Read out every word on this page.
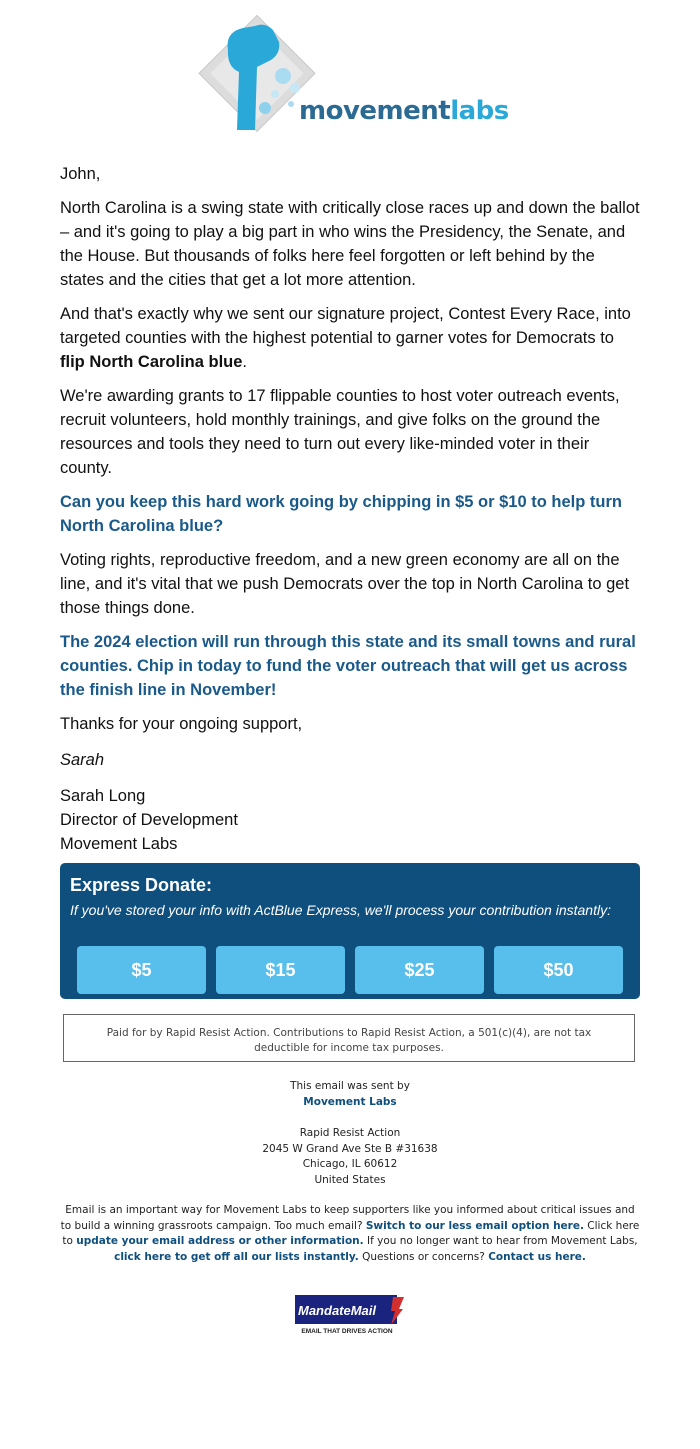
movementlabs

John,

North Carolina is a swing state with critically close races up and down the ballot – and it's going to play a big part in who wins the Presidency, the Senate, and the House. But thousands of folks here feel forgotten or left behind by the states and the cities that get a lot more attention.

And that's exactly why we sent our signature project, Contest Every Race, into targeted counties with the highest potential to garner votes for Democrats to flip North Carolina blue.

We're awarding grants to 17 flippable counties to host voter outreach events, recruit volunteers, hold monthly trainings, and give folks on the ground the resources and tools they need to turn out every like-minded voter in their county.

Can you keep this hard work going by chipping in $5 or $10 to help turn North Carolina blue?

Voting rights, reproductive freedom, and a new green economy are all on the line, and it's vital that we push Democrats over the top in North Carolina to get those things done.

The 2024 election will run through this state and its small towns and rural counties. Chip in today to fund the voter outreach that will get us across the finish line in November!

Thanks for your ongoing support,

Sarah

Sarah Long
Director of Development
Movement Labs

Express Donate:
If you've stored your info with ActBlue Express, we'll process your contribution instantly:
$5	$15	$25	$50
Paid for by Rapid Resist Action. Contributions to Rapid Resist Action, a 501(c)(4), are not tax deductible for income tax purposes.
This email was sent by
Movement Labs
Rapid Resist Action
2045 W Grand Ave Ste B #31638
Chicago, IL 60612
United States
Email is an important way for Movement Labs to keep supporters like you informed about critical issues and to build a winning grassroots campaign. Too much email? Switch to our less email option here. Click here to update your email address or other information. If you no longer want to hear from Movement Labs, click here to get off all our lists instantly. Questions or concerns? Contact us here.
MandateMail
EMAIL THAT DRIVES ACTION
